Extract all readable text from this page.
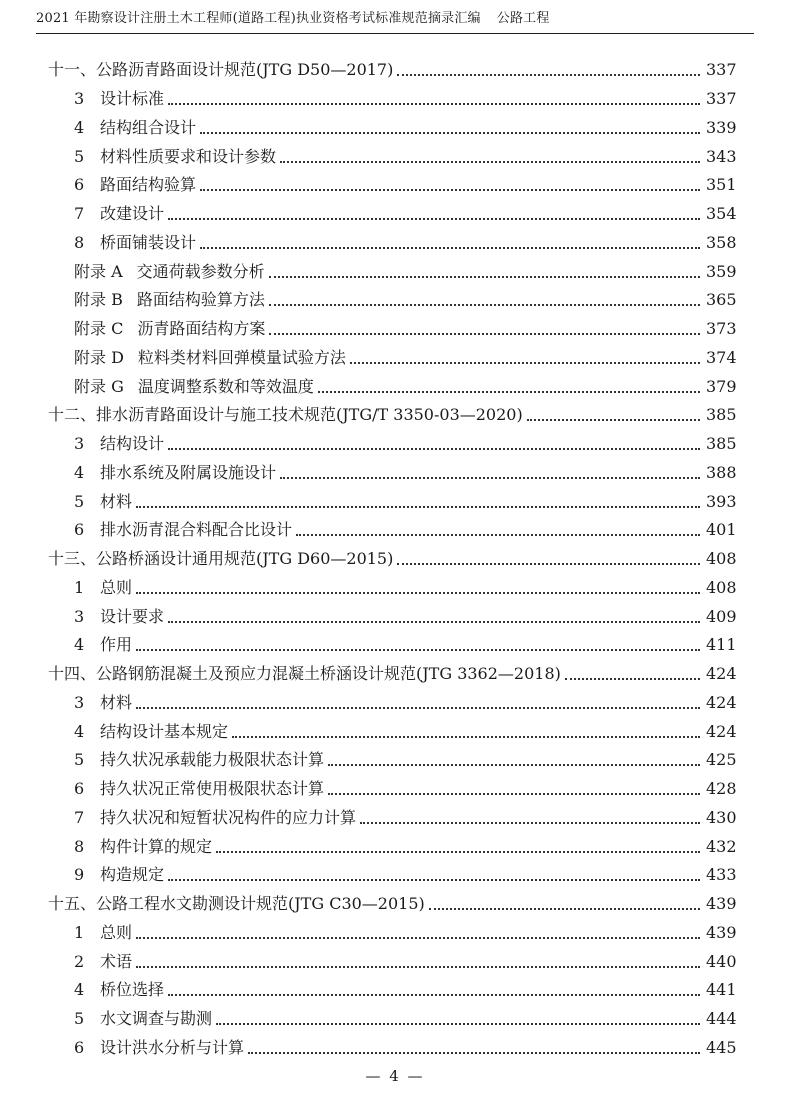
2021 年勘察设计注册土木工程师(道路工程)执业资格考试标准规范摘录汇编 公路工程
十一、公路沥青路面设计规范(JTG D50—2017)	337
3 设计标准	337
4 结构组合设计	339
5 材料性质要求和设计参数	343
6 路面结构验算	351
7 改建设计	354
8 桥面铺装设计	358
附录 A 交通荷载参数分析	359
附录 B 路面结构验算方法	365
附录 C 沥青路面结构方案	373
附录 D 粒料类材料回弹模量试验方法	374
附录 G 温度调整系数和等效温度	379
十二、排水沥青路面设计与施工技术规范(JTG/T 3350-03—2020)	385
3 结构设计	385
4 排水系统及附属设施设计	388
5 材料	393
6 排水沥青混合料配合比设计	401
十三、公路桥涵设计通用规范(JTG D60—2015)	408
1 总则	408
3 设计要求	409
4 作用	411
十四、公路钢筋混凝土及预应力混凝土桥涵设计规范(JTG 3362—2018)	424
3 材料	424
4 结构设计基本规定	424
5 持久状况承载能力极限状态计算	425
6 持久状况正常使用极限状态计算	428
7 持久状况和短暂状况构件的应力计算	430
8 构件计算的规定	432
9 构造规定	433
十五、公路工程水文勘测设计规范(JTG C30—2015)	439
1 总则	439
2 术语	440
4 桥位选择	441
5 水文调查与勘测	444
6 设计洪水分析与计算	445
— 4 —
